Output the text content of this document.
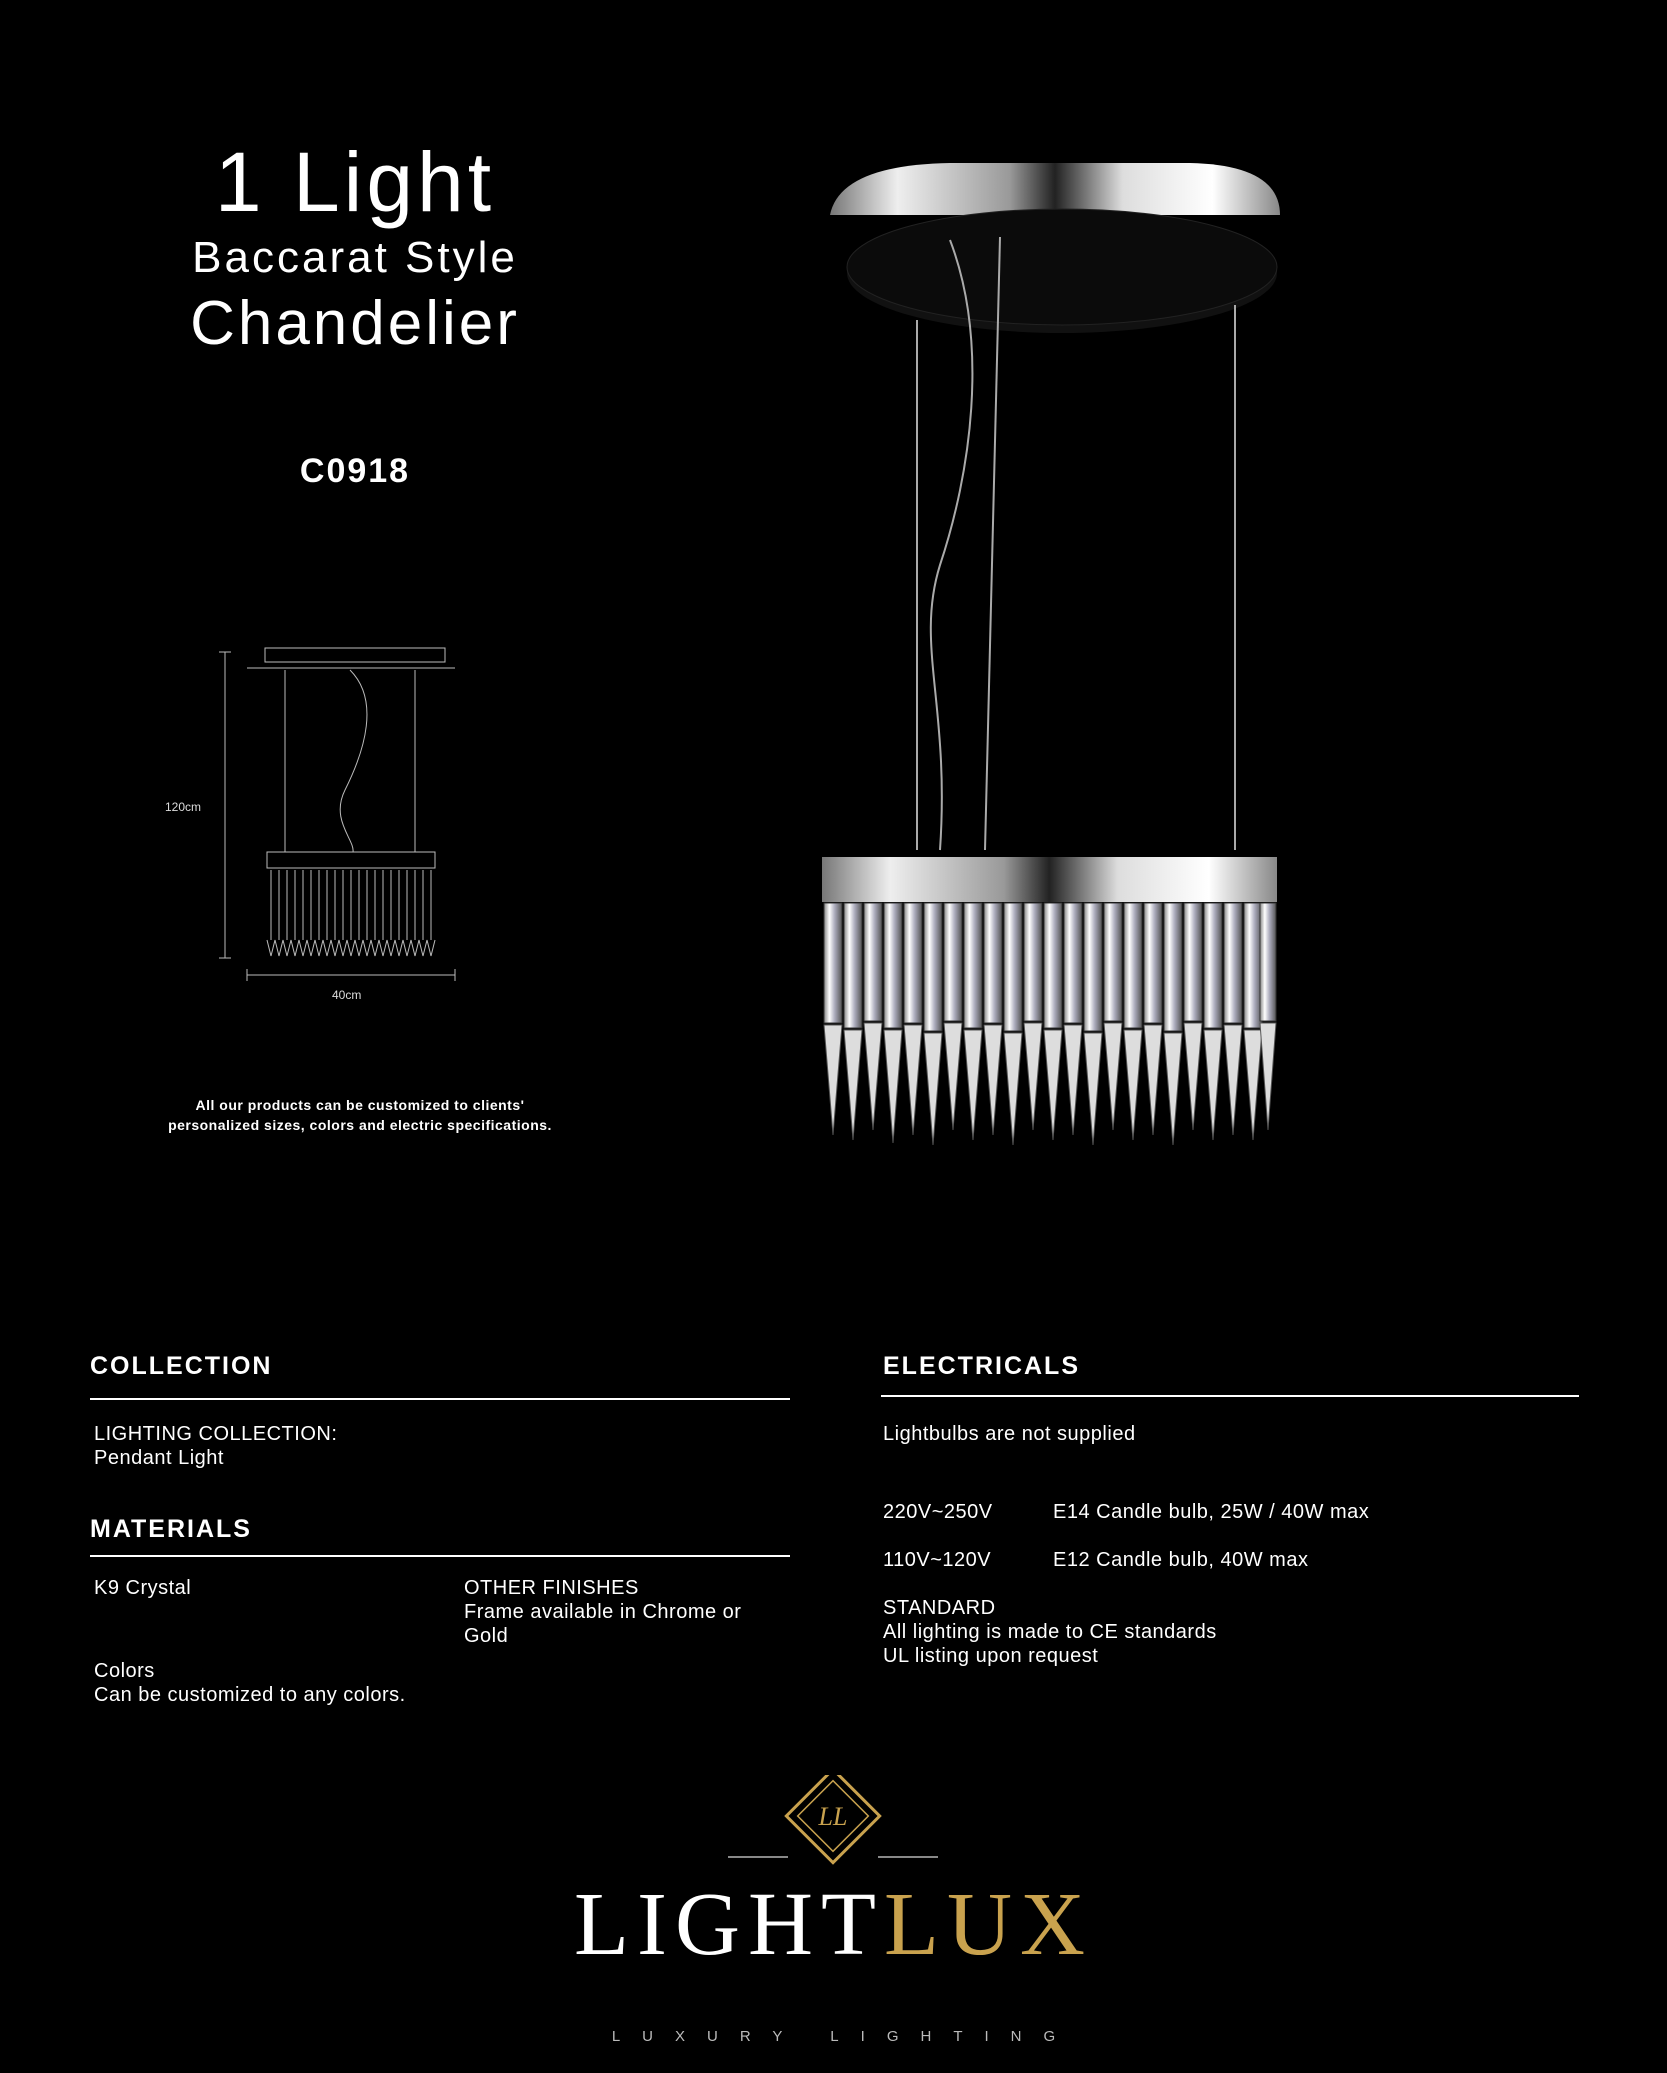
1 Light
Baccarat Style
Chandelier
C0918
120cm
40cm
All our products can be customized to clients'
personalized sizes, colors and electric specifications.
COLLECTION
LIGHTING COLLECTION:
Pendant Light
MATERIALS
K9 Crystal	OTHER FINISHES
Frame available in Chrome or
Gold
Colors
Can be customized to any colors.
ELECTRICALS
Lightbulbs are not supplied
220V~250V	E14 Candle bulb, 25W / 40W max
110V~120V	E12 Candle bulb, 40W max
STANDARD
All lighting is made to CE standards
UL listing upon request
LL
LIGHTLUX
LUXURY LIGHTING
